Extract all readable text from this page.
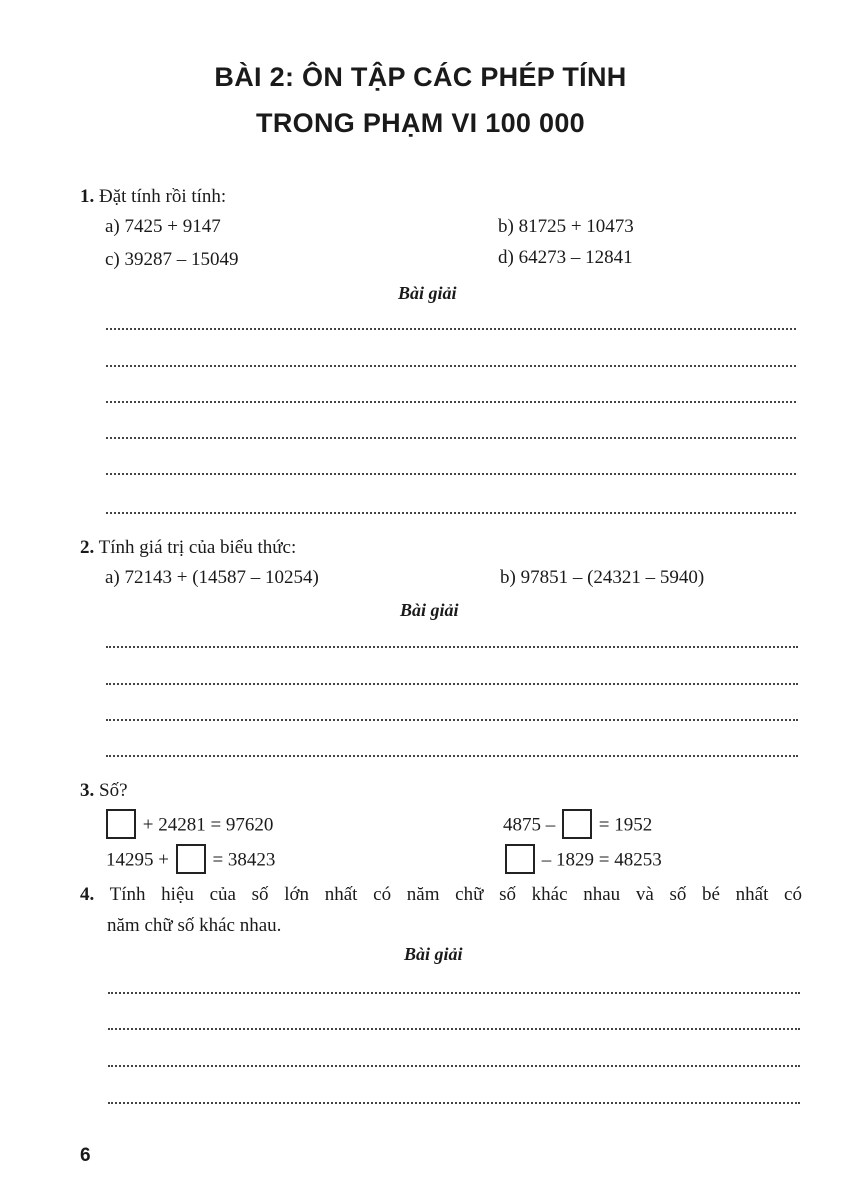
BÀI 2: ÔN TẬP CÁC PHÉP TÍNH
TRONG PHẠM VI 100 000
1. Đặt tính rồi tính:
a) 7425 + 9147	b) 81725 + 10473
c) 39287 – 15049	d) 64273 – 12841
Bài giải
2. Tính giá trị của biểu thức:
a) 72143 + (14587 – 10254)	b) 97851 – (24321 – 5940)
Bài giải
3. Số?
+ 24281 = 97620	4875 – = 1952
14295 + = 38423	– 1829 = 48253
4. Tính hiệu của số lớn nhất có năm chữ số khác nhau và số bé nhất có
năm chữ số khác nhau.
Bài giải
6
